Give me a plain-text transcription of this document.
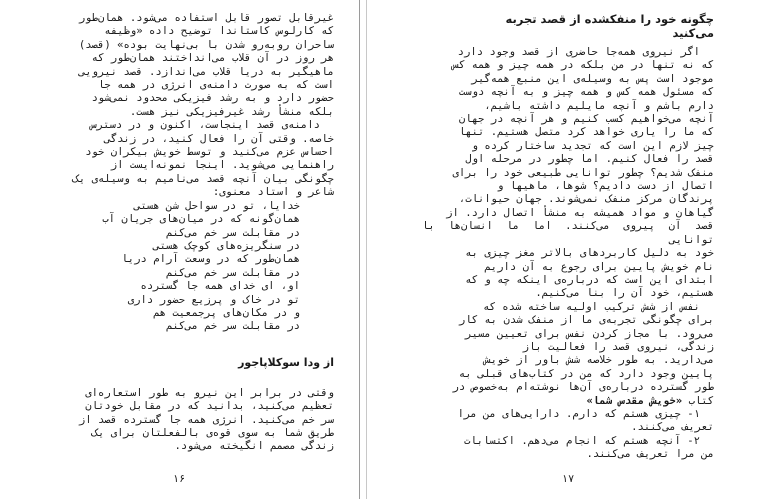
غیرقابل تصور قابل استفاده می‌شود. همان‌طور
که کارلوس کاستاندا توضیح داده «وظیفه
ساحران روبه‌رو شدن با بی‌نهایت بوده» (قصد)
هر روز در آن قلاب می‌انداختند همان‌طور که
ماهیگیر به دریا قلاب می‌اندازد. قصد نیرویی
است که به صورت دامنه‌ی انرژی در همه جا
حضور دارد و به رشد فیزیکی محدود نمی‌شود
بلکه منشأ رشد غیرفیزیکی نیز هست.
دامنه‌ی قصد اینجاست، اکنون و در دسترس
خاصه. وقتی آن را فعال کنید، در زندگی
احساس عزم می‌کنید و توسط خویش بیکران خود
راهنمایی می‌شوید. اینجا نمونه‌ایست از
چگونگی بیان آنچه قصد می‌نامیم به وسیله‌ی یک
شاعر و استاد معنوی:
خدایا، تو در سواحل شن هستی
همان‌گونه که در میان‌های جریان آب
در مقابلت سر خم می‌کنم
در سنگریزه‌های کوچک هستی
همان‌طور که در وسعت آرام دریا
در مقابلت سر خم می‌کنم
او، ای خدای همه جا گسترده
تو در خاک و پرزیع حضور داری
و در مکان‌های پرجمعیت هم
در مقابلت سر خم می‌کنم
از ودا سوکلاپاجور
وقتی در برابر این نیرو به طور استعاره‌ای
تعظیم می‌کنید، بدانید که در مقابل خودتان
سر خم می‌کنید. انرژی همه جا گسترده قصد از
طریق شما به سوی قوه‌ی بالفعلتان برای یک
زندگی مصمم انگیخته می‌شود.
۱۶
چگونه خود را منفکشده از قصد تجربه
می‌کنید
اگر نیروی همه‌جا حاضری از قصد وجود دارد
که نه تنها در من بلکه در همه چیز و همه کس
موجود است پس به وسیله‌ی این منبع همه‌گیر
که مسئول همه کس و همه چیز و به آنچه دوست
دارم باشم و آنچه مایلیم داشته باشیم،
آنچه می‌خواهیم کسب کنیم و هر آنچه در جهان
که ما را یاری خواهد کرد متصل هستیم. تنها
چیز لازم این است که تجدید ساختار کرده و
قصد را فعال کنیم. اما چطور در مرحله اول
منفک شدیم؟ چطور توانایی طبیعی خود را برای
اتصال از دست دادیم؟ شوها، ماهیها و
پرندگان مرکز منفک نمی‌شوند. جهان حیوانات،
گیاهان و مواد همیشه به منشأ اتصال دارد. از
قصد آن پیروی می‌کنند. اما ما انسان‌ها با توانایی
خود به دلیل کاربردهای بالاتر مغز چیزی به
نام خویش پایین برای رجوع به آن داریم
ابتدای این است که درباره‌ی اینکه چه و که
هستیم، خود آن را بنا می‌کنیم.
نفس از شش ترکیب اولیه ساخته شده که
برای چگونگی تجربه‌ی ما از منفک شدن به کار
می‌رود. با مجاز کردن نفس برای تعیین مسیر
زندگی‌، نیروی قصد را فعالیت باز
می‌دارید. به طور خلاصه شش باور از خویش
پایین وجود دارد که من در کتاب‌های قبلی به
طور گسترده درباره‌ی آن‌ها نوشته‌ام به‌خصوص در
کتاب «خویش مقدس شما»
۱- چیزی هستم که دارم. دارایی‌های من مرا
تعریف می‌کنند.
۲- آنچه هستم که انجام می‌دهم. اکتسابات
من مرا تعریف می‌کنند.
۱۷
